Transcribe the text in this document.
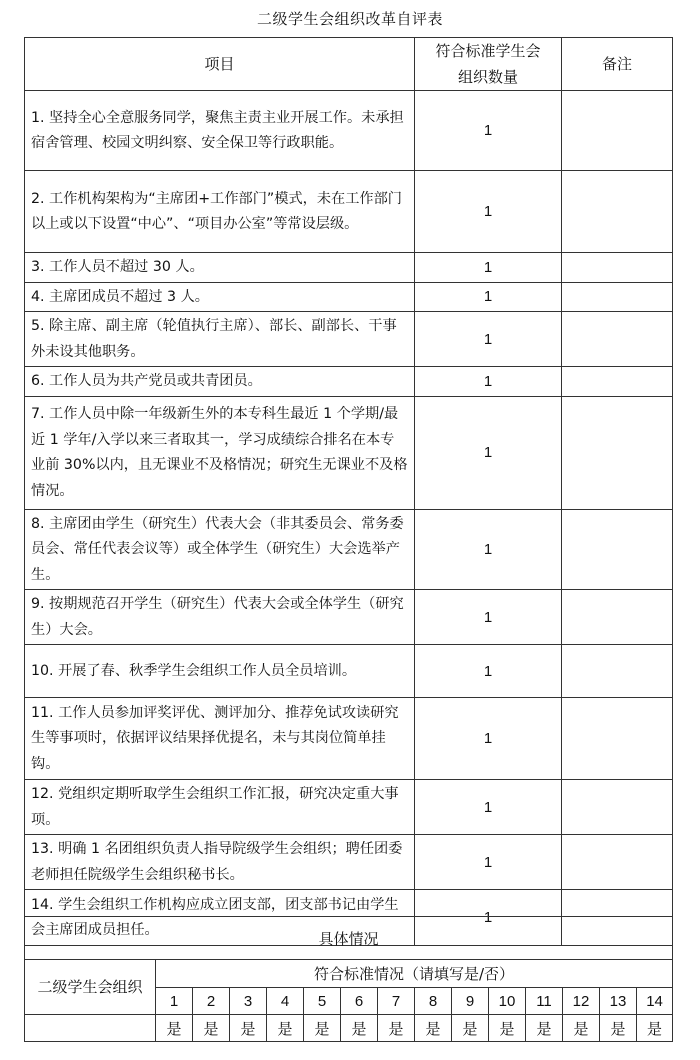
二级学生会组织改革自评表
项目	符合标准学生会组织数量	备注
1. 坚持全心全意服务同学，聚焦主责主业开展工作。未承担宿舍管理、校园文明纠察、安全保卫等行政职能。	1	
2. 工作机构架构为“主席团+工作部门”模式，未在工作部门以上或以下设置“中心”、“项目办公室”等常设层级。	1	
3. 工作人员不超过 30 人。	1	
4. 主席团成员不超过 3 人。	1	
5. 除主席、副主席（轮值执行主席）、部长、副部长、干事外未设其他职务。	1	
6. 工作人员为共产党员或共青团员。	1	
7. 工作人员中除一年级新生外的本专科生最近 1 个学期/最近 1 学年/入学以来三者取其一，学习成绩综合排名在本专业前 30%以内，且无课业不及格情况；研究生无课业不及格情况。	1	
8. 主席团由学生（研究生）代表大会（非其委员会、常务委员会、常任代表会议等）或全体学生（研究生）大会选举产生。	1	
9. 按期规范召开学生（研究生）代表大会或全体学生（研究生）大会。	1	
10. 开展了春、秋季学生会组织工作人员全员培训。	1	
11. 工作人员参加评奖评优、测评加分、推荐免试攻读研究生等事项时，依据评议结果择优提名，未与其岗位简单挂钩。	1	
12. 党组织定期听取学生会组织工作汇报，研究决定重大事项。	1	
13. 明确 1 名团组织负责人指导院级学生会组织；聘任团委老师担任院级学生会组织秘书长。	1	
14. 学生会组织工作机构应成立团支部，团支部书记由学生会主席团成员担任。	1	
具体情况														
二级学生会组织	符合标准情况（请填写是/否）													
	1	2	3	4	5	6	7	8	9	10	11	12	13	14
	是	是	是	是	是	是	是	是	是	是	是	是	是	是
